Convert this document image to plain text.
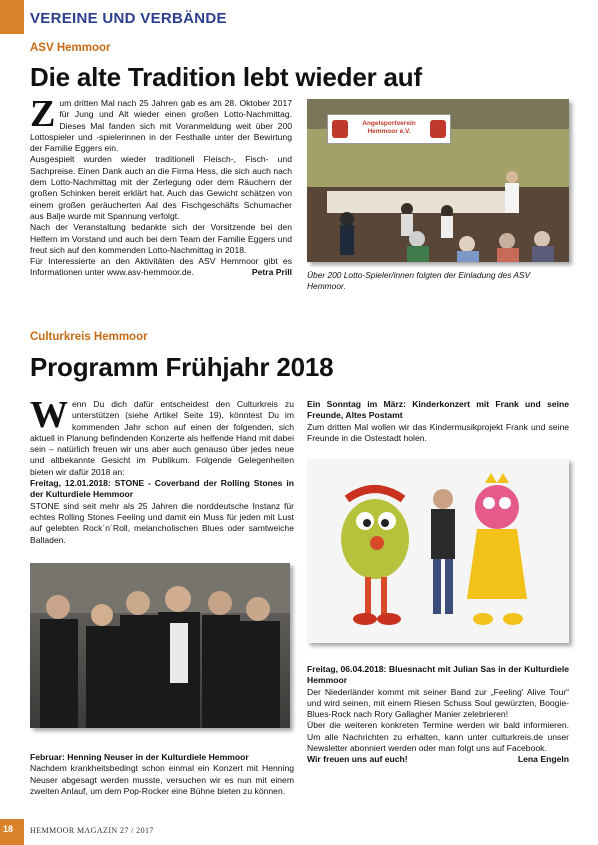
VEREINE UND VERBÄNDE
ASV Hemmoor
Die alte Tradition lebt wieder auf
Z um dritten Mal nach 25 Jahren gab es am 28. Oktober 2017 für Jung und Alt wieder einen großen Lotto-Nachmittag. Dieses Mal fanden sich mit Voranmeldung weit über 200 Lottospieler und -spielerinnen in der Festhalle unter der Bewirtung der Familie Eggers ein.

Ausgespielt wurden wieder traditionell Fleisch-, Fisch- und Sachpreise. Einen Dank auch an die Firma Hess, die sich auch nach dem Lotto-Nachmittag mit der Zerlegung oder dem Räuchern der großen Schinken bereit erklärt hat. Auch das Gewicht schätzen von einem großen geräucherten Aal des Fischgeschäfts Schumacher aus Balje wurde mit Spannung verfolgt.

Nach der Veranstaltung bedankte sich der Vorsitzende bei den Helfern im Vorstand und auch bei dem Team der Familie Eggers und freut sich auf den kommenden Lotto-Nachmittag in 2018.

Für Interessierte an den Aktivitäten des ASV Hemmoor gibt es Informationen unter www.asv-hemmoor.de.	Petra Prill

Angelsportverein Hemmoor e.V.
Über 200 Lotto-Spieler/innen folgten der Einladung des ASV Hemmoor.
Culturkreis Hemmoor
Programm Frühjahr 2018
W enn Du dich dafür entscheidest den Culturkreis zu unterstützen (siehe Artikel Seite 19), könntest Du im kommenden Jahr schon auf einen der folgenden, sich aktuell in Planung befindenden Konzerte als helfende Hand mit dabei sein – natürlich freuen wir uns aber auch genauso über jedes neue und altbekannte Gesicht im Publikum. Folgende Gelegenheiten bieten wir dafür 2018 an:

Freitag, 12.01.2018: STONE - Coverband der Rolling Stones in der Kulturdiele Hemmoor

STONE sind seit mehr als 25 Jahren die norddeutsche Instanz für echtes Rolling Stones Feeling und damit ein Muss für jeden mit Lust auf gelebten Rock´n´Roll, melancholischen Blues oder samtweiche Balladen.

Februar: Henning Neuser in der Kulturdiele Hemmoor

Nachdem krankheitsbedingt schon einmal ein Konzert mit Henning Neuser abgesagt werden musste, versuchen wir es nun mit einem zweiten Anlauf, um dem Pop-Rocker eine Bühne bieten zu können.

Ein Sonntag im März: Kinderkonzert mit Frank und seine Freunde, Altes Postamt

Zum dritten Mal wollen wir das Kindermusikprojekt Frank und seine Freunde in die Ostestadt holen.

Freitag, 06.04.2018: Bluesnacht mit Julian Sas in der Kulturdiele Hemmoor

Der Niederländer kommt mit seiner Band zur „Feeling' Alive Tour“ und wird seinen, mit einem Riesen Schuss Soul gewürzten, Boogie-Blues-Rock nach Rory Gallagher Manier zelebrieren!

Über die weiteren konkreten Termine werden wir bald informieren. Um alle Nachrichten zu erhalten, kann unter culturkreis.de unser Newsletter abonniert werden oder man folgt uns auf Facebook.

Wir freuen uns auf euch!	Lena Engeln

18 HEMMOOR MAGAZIN 27 / 2017
